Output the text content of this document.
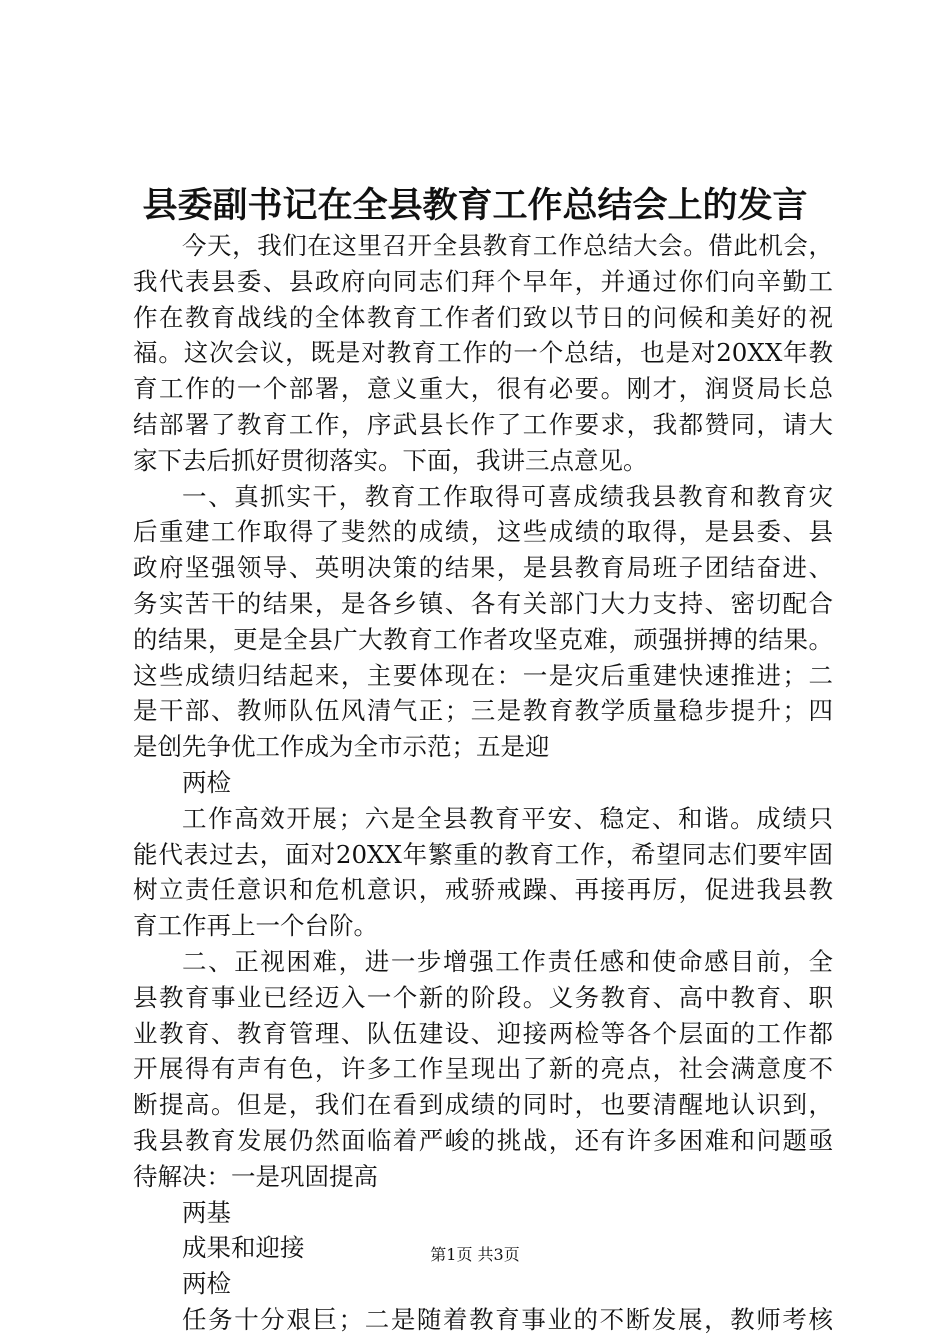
县委副书记在全县教育工作总结会上的发言
今天，我们在这里召开全县教育工作总结大会。借此机会，
我代表县委、县政府向同志们拜个早年，并通过你们向辛勤工
作在教育战线的全体教育工作者们致以节日的问候和美好的祝
福。这次会议，既是对教育工作的一个总结，也是对20XX年教
育工作的一个部署，意义重大，很有必要。刚才，润贤局长总
结部署了教育工作，序武县长作了工作要求，我都赞同，请大
家下去后抓好贯彻落实。下面，我讲三点意见。
一、真抓实干，教育工作取得可喜成绩我县教育和教育灾
后重建工作取得了斐然的成绩，这些成绩的取得，是县委、县
政府坚强领导、英明决策的结果，是县教育局班子团结奋进、
务实苦干的结果，是各乡镇、各有关部门大力支持、密切配合
的结果，更是全县广大教育工作者攻坚克难，顽强拼搏的结果。
这些成绩归结起来，主要体现在：一是灾后重建快速推进；二
是干部、教师队伍风清气正；三是教育教学质量稳步提升；四
是创先争优工作成为全市示范；五是迎
两检
工作高效开展；六是全县教育平安、稳定、和谐。成绩只
能代表过去，面对20XX年繁重的教育工作，希望同志们要牢固
树立责任意识和危机意识，戒骄戒躁、再接再厉，促进我县教
育工作再上一个台阶。
二、正视困难，进一步增强工作责任感和使命感目前，全
县教育事业已经迈入一个新的阶段。义务教育、高中教育、职
业教育、教育管理、队伍建设、迎接两检等各个层面的工作都
开展得有声有色，许多工作呈现出了新的亮点，社会满意度不
断提高。但是，我们在看到成绩的同时，也要清醒地认识到，
我县教育发展仍然面临着严峻的挑战，还有许多困难和问题亟
待解决：一是巩固提高
两基
成果和迎接
两检
任务十分艰巨；二是随着教育事业的不断发展，教师考核
第1页 共3页
